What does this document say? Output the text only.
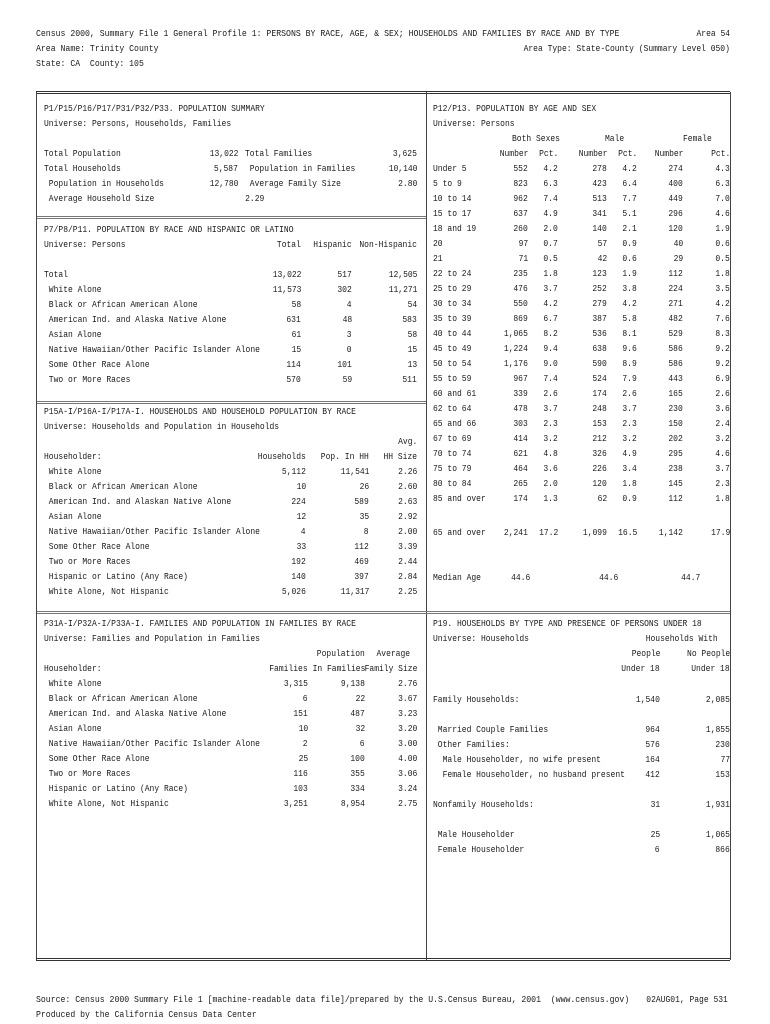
Census 2000, Summary File 1 General Profile 1: PERSONS BY RACE, AGE, & SEX; HOUSEHOLDS AND FAMILIES BY RACE AND BY TYPE	Area 54
Area Name: Trinity County	Area Type: State-County (Summary Level 050)
State: CA  County: 105
P1/P15/P16/P17/P31/P32/P33. POPULATION SUMMARY
Universe: Persons, Households, Families
Total Population	13,022
Total Households	5,587
Population in Households	12,780
Average Household Size	2.29
Total Families	3,625
Population in Families	10,140
Average Family Size	2.80
P7/P8/P11. POPULATION BY RACE AND HISPANIC OR LATINO
Universe: Persons	Total Hispanic Non-Hispanic
Total	13,022	517	12,505
White Alone	11,573	302	11,271
Black or African American Alone	58	4	54
American Ind. and Alaska Native Alone	631	48	583
Asian Alone	61	3	58
Native Hawaiian/Other Pacific Islander Alone	15	0	15
Some Other Race Alone	114	101	13
Two or More Races	570	59	511
P15A-I/P16A-I/P17A-I. HOUSEHOLDS AND HOUSEHOLD POPULATION BY RACE
Universe: Households and Population in Households
Avg.
Householder:	Households Pop. In HH HH Size
White Alone	5,112	11,541	2.26
Black or African American Alone	10	26	2.60
American Ind. and Alaskan Native Alone	224	589	2.63
Asian Alone	12	35	2.92
Native Hawaiian/Other Pacific Islander Alone	4	8	2.00
Some Other Race Alone	33	112	3.39
Two or More Races	192	469	2.44
Hispanic or Latino (Any Race)	140	397	2.84
White Alone, Not Hispanic	5,026	11,317	2.25
P31A-I/P32A-I/P33A-I. FAMILIES AND POPULATION IN FAMILIES BY RACE
Universe: Families and Population in Families
Population Average
Householder:	Families In Families Family Size
White Alone	3,315	9,138	2.76
Black or African American Alone	6	22	3.67
American Ind. and Alaska Native Alone	151	487	3.23
Asian Alone	10	32	3.20
Native Hawaiian/Other Pacific Islander Alone	2	6	3.00
Some Other Race Alone	25	100	4.00
Two or More Races	116	355	3.06
Hispanic or Latino (Any Race)	103	334	3.24
White Alone, Not Hispanic	3,251	8,954	2.75
P12/P13. POPULATION BY AGE AND SEX
Universe: Persons
Both Sexes	Male	Female
Number Pct. Number Pct. Number	Pct.
Under 5	552 4.2	278 4.2	274	4.3
5 to 9	823 6.3	423 6.4	400	6.3
10 to 14	962 7.4	513 7.7	449	7.0
15 to 17	637 4.9	341 5.1	296	4.6
18 and 19	260 2.0	140 2.1	120	1.9
20	97 0.7	57 0.9	40	0.6
21	71 0.5	42 0.6	29	0.5
22 to 24	235 1.8	123 1.9	112	1.8
25 to 29	476 3.7	252 3.8	224	3.5
30 to 34	550 4.2	279 4.2	271	4.2
35 to 39	869 6.7	387 5.8	482	7.6
40 to 44	1,065 8.2	536 8.1	529	8.3
45 to 49	1,224 9.4	638 9.6	586	9.2
50 to 54	1,176 9.0	590 8.9	586	9.2
55 to 59	967 7.4	524 7.9	443	6.9
60 and 61	339 2.6	174 2.6	165	2.6
62 to 64	478 3.7	248 3.7	230	3.6
65 and 66	303 2.3	153 2.3	150	2.4
67 to 69	414 3.2	212 3.2	202	3.2
70 to 74	621 4.8	326 4.9	295	4.6
75 to 79	464 3.6	226 3.4	238	3.7
80 to 84	265 2.0	120 1.8	145	2.3
85 and over	174 1.3	62 0.9	112	1.8
65 and over 2,241 17.2	1,099 16.5 1,142	17.9
Median Age	44.6	44.6	44.7
P19. HOUSEHOLDS BY TYPE AND PRESENCE OF PERSONS UNDER 18
Universe: Households	Households With
People	No People
Under 18	Under 18
Family Households:	1,540	2,085
Married Couple Families	964	1,855
Other Families:	576	230
Male Householder, no wife present	164	77
Female Householder, no husband present 412	153
Nonfamily Households:	31	1,931
Male Householder	25	1,065
Female Householder	6	866
Source: Census 2000 Summary File 1 [machine-readable data file]/prepared by the U.S.Census Bureau, 2001  (www.census.gov) 02AUG01, Page 531
Produced by the California Census Data Center
